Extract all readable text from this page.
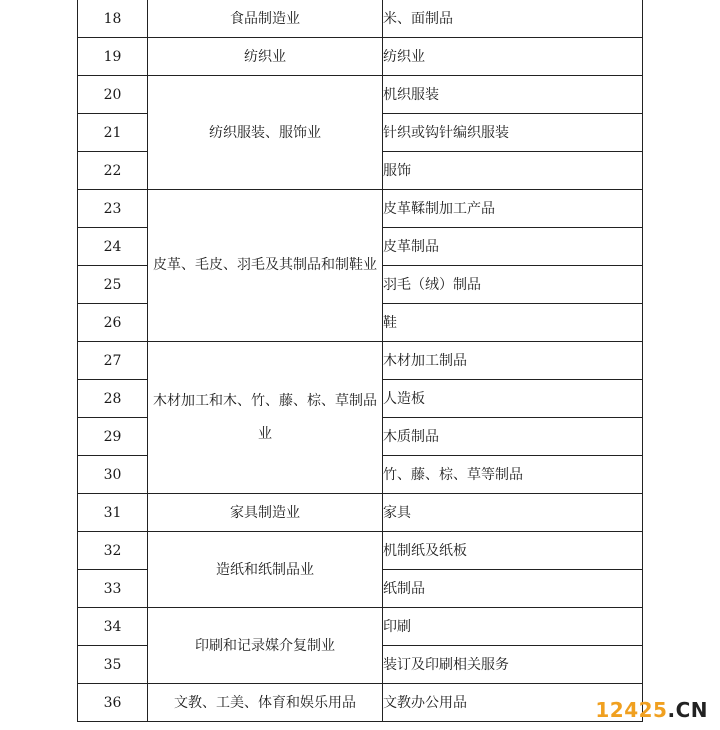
18	食品制造业	米、面制品
19	纺织业	纺织业
20	纺织服装、服饰业	机织服装
21		针织或钩针编织服装
22		服饰
23	皮革、毛皮、羽毛及其制品和制鞋业	皮革鞣制加工产品
24		皮革制品
25		羽毛（绒）制品
26		鞋
27	木材加工和木、竹、藤、棕、草制品业	木材加工制品
28		人造板
29		木质制品
30		竹、藤、棕、草等制品
31	家具制造业	家具
32	造纸和纸制品业	机制纸及纸板
33		纸制品
34	印刷和记录媒介复制业	印刷
35		装订及印刷相关服务
36	文教、工美、体育和娱乐用品	文教办公用品	12425.CN
